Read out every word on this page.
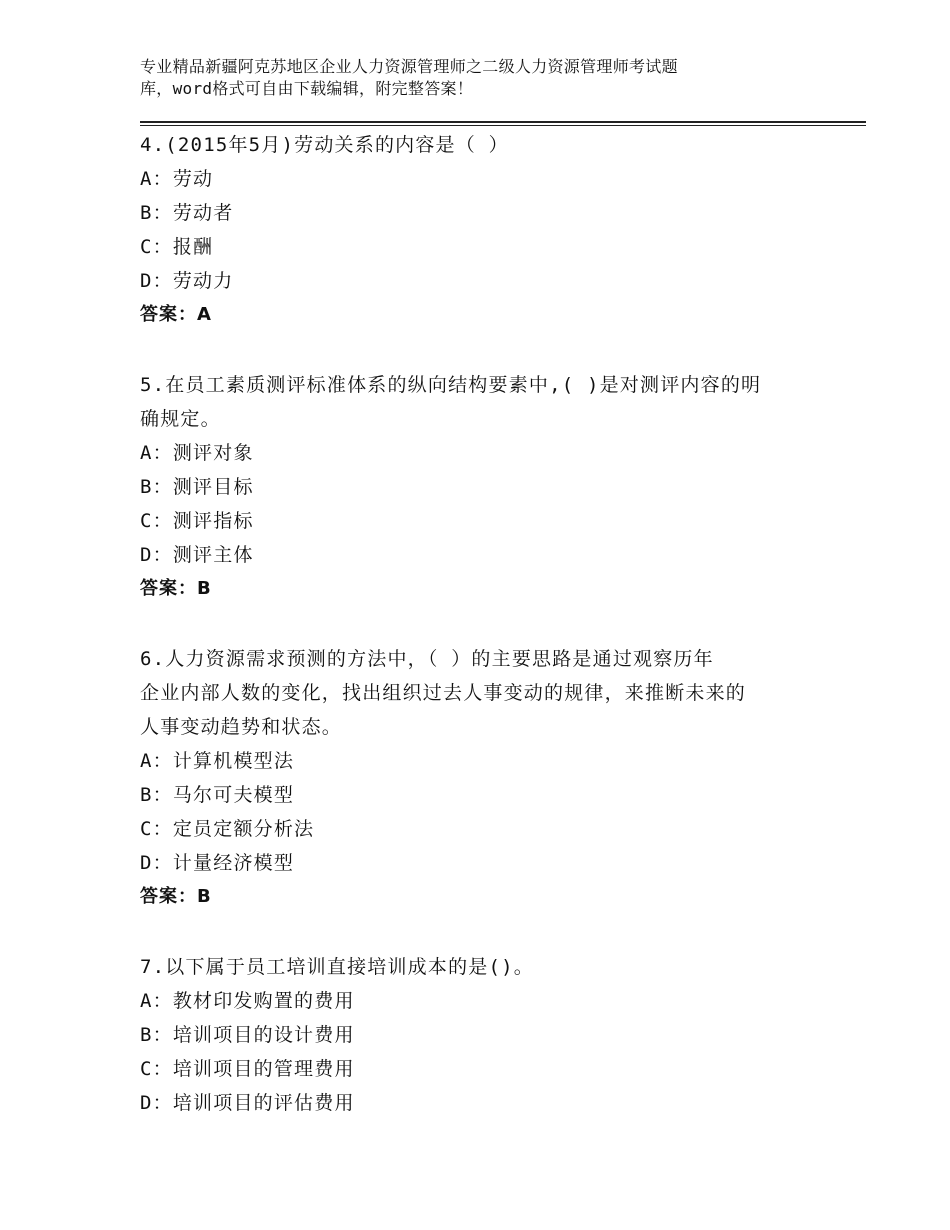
专业精品新疆阿克苏地区企业人力资源管理师之二级人力资源管理师考试题
库，word格式可自由下载编辑，附完整答案！
4.(2015年5月)劳动关系的内容是（ ）
A：劳动
B：劳动者
C：报酬
D：劳动力
答案：A
5.在员工素质测评标准体系的纵向结构要素中,( )是对测评内容的明
确规定。
A：测评对象
B：测评目标
C：测评指标
D：测评主体
答案：B
6.人力资源需求预测的方法中，（ ）的主要思路是通过观察历年
企业内部人数的变化，找出组织过去人事变动的规律，来推断未来的
人事变动趋势和状态。
A：计算机模型法
B：马尔可夫模型
C：定员定额分析法
D：计量经济模型
答案：B
7.以下属于员工培训直接培训成本的是()。
A：教材印发购置的费用
B：培训项目的设计费用
C：培训项目的管理费用
D：培训项目的评估费用
